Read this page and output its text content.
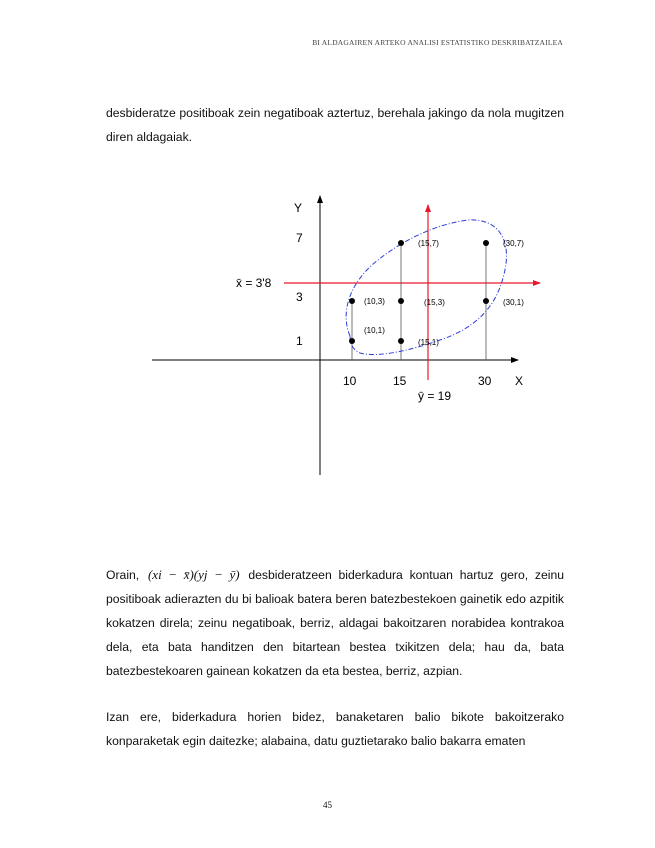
BI ALDAGAIREN ARTEKO ANALISI ESTATISTIKO DESKRIBATZAILEA

desbideratze positiboak zein negatiboak aztertuz, berehala jakingo da nola mugitzen diren aldagaiak.

Y
X
7
3
1
10	15	30
x̄ = 3'8
ȳ = 19
(10,3)
(10,1)
(15,7)
(15,3)
(15,1)
(30,7)
(30,1)

Orain, (xi − x̄)(yj − ȳ) desbideratzeen biderkadura kontuan hartuz gero, zeinu positiboak adierazten du bi balioak batera beren batezbestekoen gainetik edo azpitik kokatzen direla; zeinu negatiboak, berriz, aldagai bakoitzaren norabidea kontrakoa dela, eta bata handitzen den bitartean bestea txikitzen dela; hau da, bata batezbestekoaren gainean kokatzen da eta bestea, berriz, azpian.

Izan ere, biderkadura horien bidez, banaketaren balio bikote bakoitzerako konparaketak egin daitezke; alabaina, datu guztietarako balio bakarra ematen

45
